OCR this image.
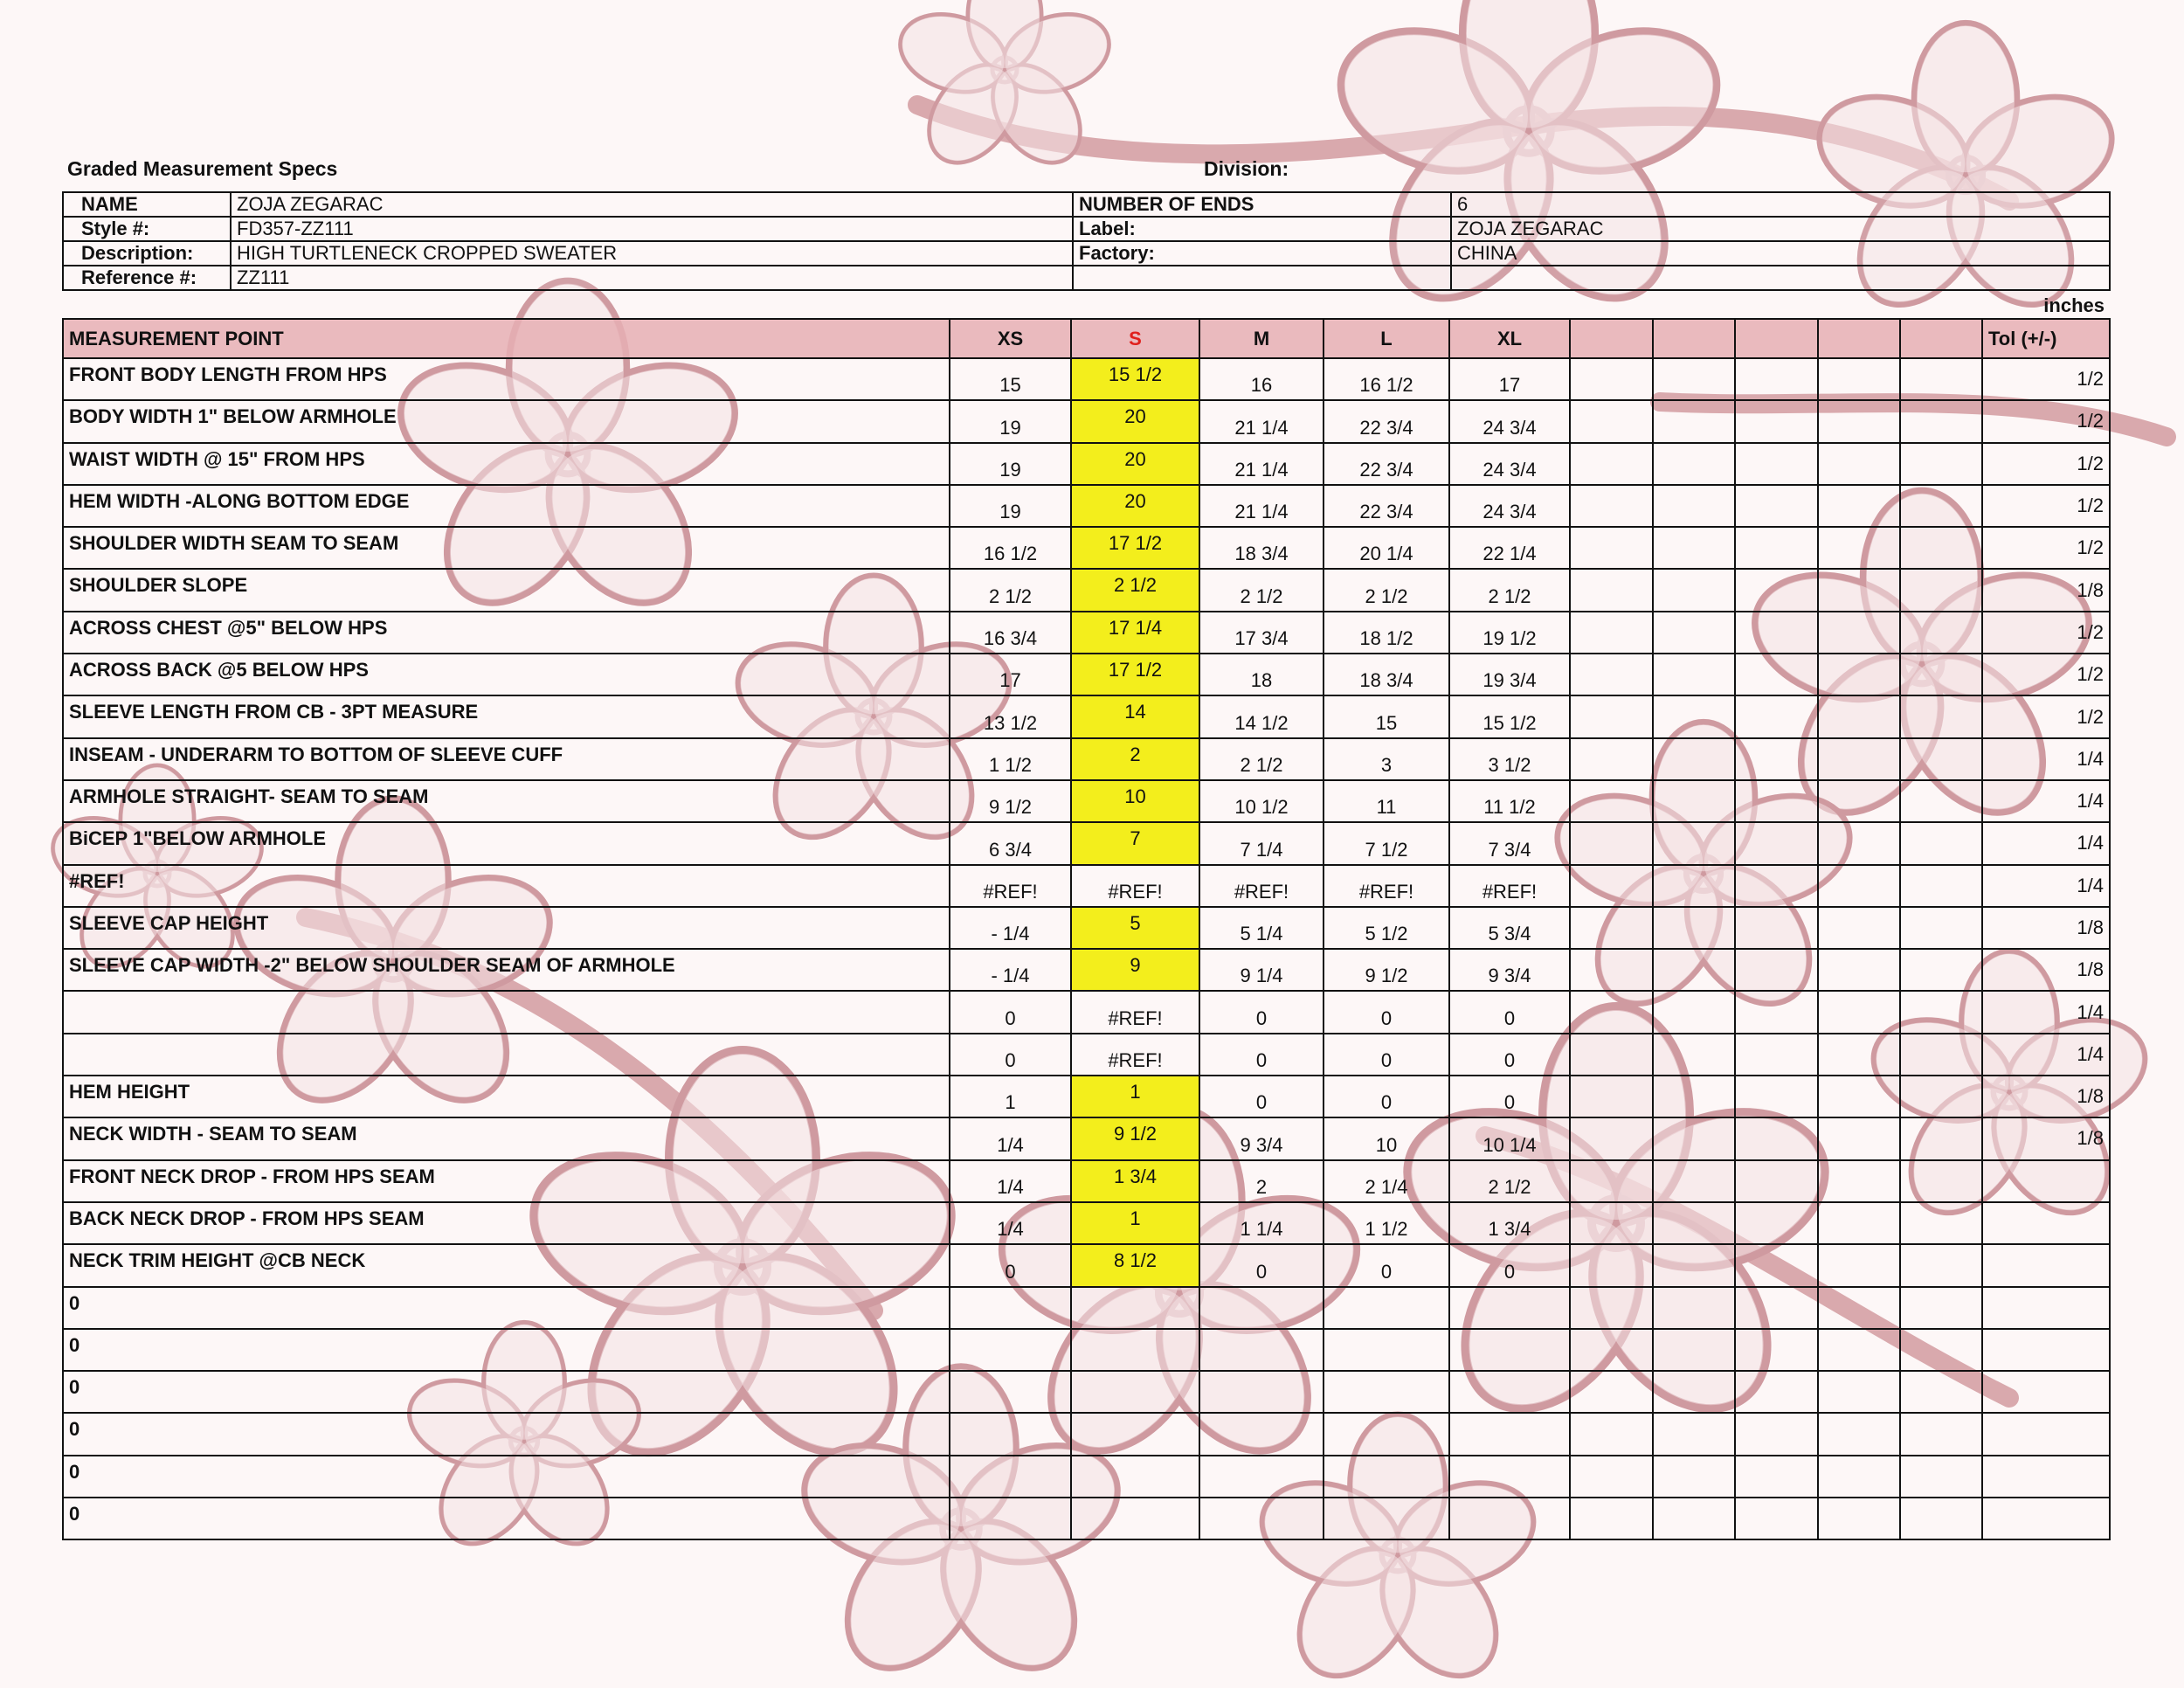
Graded Measurement Specs	Division:
NAME	ZOJA ZEGARAC	NUMBER OF ENDS	6
Style #:	FD357-ZZ111	Label:	ZOJA ZEGARAC
Description:	HIGH TURTLENECK CROPPED SWEATER	Factory:	CHINA
Reference #:	ZZ111		
inches
MEASUREMENT POINT	XS	S	M	L	XL						Tol (+/-)
FRONT BODY LENGTH FROM HPS	15	15 1/2	16	16 1/2	17						1/2
BODY WIDTH 1" BELOW ARMHOLE	19	20	21 1/4	22 3/4	24 3/4						1/2
WAIST WIDTH @ 15" FROM HPS	19	20	21 1/4	22 3/4	24 3/4						1/2
HEM WIDTH -ALONG BOTTOM EDGE	19	20	21 1/4	22 3/4	24 3/4						1/2
SHOULDER WIDTH SEAM TO SEAM	16 1/2	17 1/2	18 3/4	20 1/4	22 1/4						1/2
SHOULDER SLOPE	2 1/2	2 1/2	2 1/2	2 1/2	2 1/2						1/8
ACROSS CHEST @5" BELOW HPS	16 3/4	17 1/4	17 3/4	18 1/2	19 1/2						1/2
ACROSS BACK @5 BELOW HPS	17	17 1/2	18	18 3/4	19 3/4						1/2
SLEEVE LENGTH FROM CB - 3PT MEASURE	13 1/2	14	14 1/2	15	15 1/2						1/2
INSEAM - UNDERARM TO BOTTOM OF SLEEVE CUFF	1 1/2	2	2 1/2	3	3 1/2						1/4
ARMHOLE STRAIGHT- SEAM TO SEAM	9 1/2	10	10 1/2	11	11 1/2						1/4
BiCEP 1"BELOW ARMHOLE	6 3/4	7	7 1/4	7 1/2	7 3/4						1/4
#REF!	#REF!	#REF!	#REF!	#REF!	#REF!						1/4
SLEEVE CAP HEIGHT	- 1/4	5	5 1/4	5 1/2	5 3/4						1/8
SLEEVE CAP WIDTH -2" BELOW SHOULDER SEAM OF ARMHOLE	- 1/4	9	9 1/4	9 1/2	9 3/4						1/8
	0	#REF!	0	0	0						1/4
	0	#REF!	0	0	0						1/4
HEM HEIGHT	1	1	0	0	0						1/8
NECK WIDTH - SEAM TO SEAM	1/4	9 1/2	9 3/4	10	10 1/4						1/8
FRONT NECK DROP - FROM HPS SEAM	1/4	1 3/4	2	2 1/4	2 1/2						
BACK NECK DROP - FROM HPS SEAM	1/4	1	1 1/4	1 1/2	1 3/4						
NECK TRIM HEIGHT @CB NECK	0	8 1/2	0	0	0						
0											
0											
0											
0											
0											
0											
